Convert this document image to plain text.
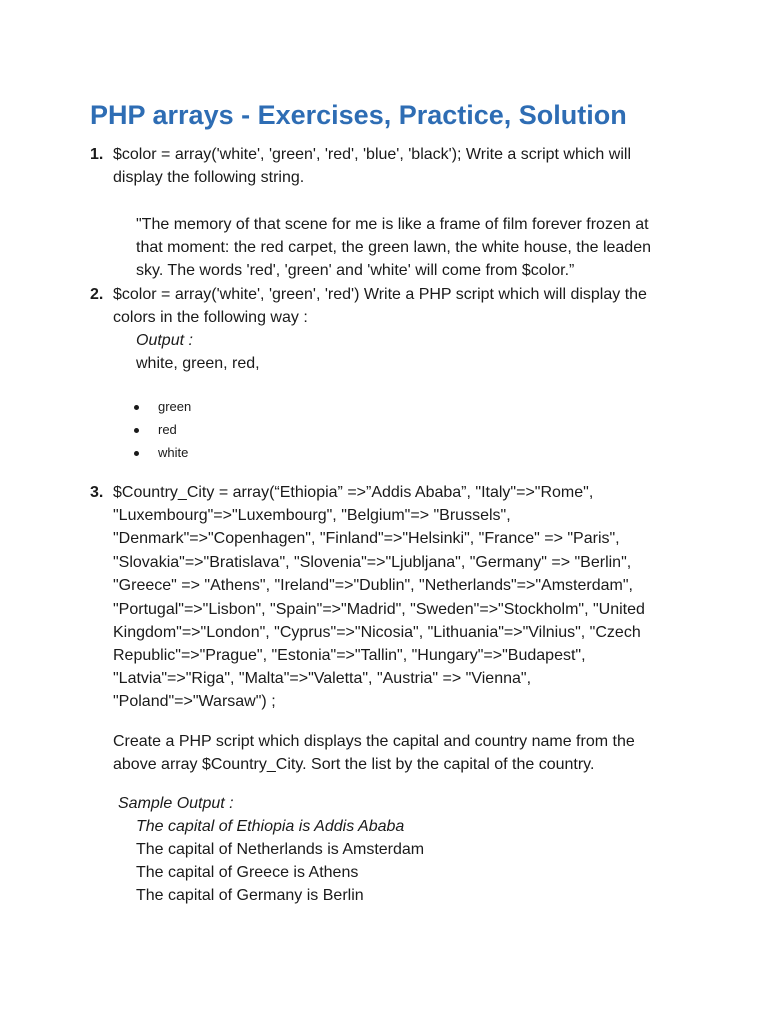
PHP arrays - Exercises, Practice, Solution
1. $color = array('white', 'green', 'red', 'blue', 'black'); Write a script which will
display the following string.
"The memory of that scene for me is like a frame of film forever frozen at
that moment: the red carpet, the green lawn, the white house, the leaden
sky. The words 'red', 'green' and 'white' will come from $color.”
2. $color = array('white', 'green', 'red') Write a PHP script which will display the
colors in the following way :
Output :
white, green, red,
green
red
white
3. $Country_City = array(“Ethiopia” =>”Addis Ababa”, "Italy"=>"Rome",
"Luxembourg"=>"Luxembourg", "Belgium"=> "Brussels",
"Denmark"=>"Copenhagen", "Finland"=>"Helsinki", "France" => "Paris",
"Slovakia"=>"Bratislava", "Slovenia"=>"Ljubljana", "Germany" => "Berlin",
"Greece" => "Athens", "Ireland"=>"Dublin", "Netherlands"=>"Amsterdam",
"Portugal"=>"Lisbon", "Spain"=>"Madrid", "Sweden"=>"Stockholm", "United
Kingdom"=>"London", "Cyprus"=>"Nicosia", "Lithuania"=>"Vilnius", "Czech
Republic"=>"Prague", "Estonia"=>"Tallin", "Hungary"=>"Budapest",
"Latvia"=>"Riga", "Malta"=>"Valetta", "Austria" => "Vienna",
"Poland"=>"Warsaw") ;
Create a PHP script which displays the capital and country name from the
above array $Country_City. Sort the list by the capital of the country.
Sample Output :
The capital of Ethiopia is Addis Ababa
The capital of Netherlands is Amsterdam
The capital of Greece is Athens
The capital of Germany is Berlin
